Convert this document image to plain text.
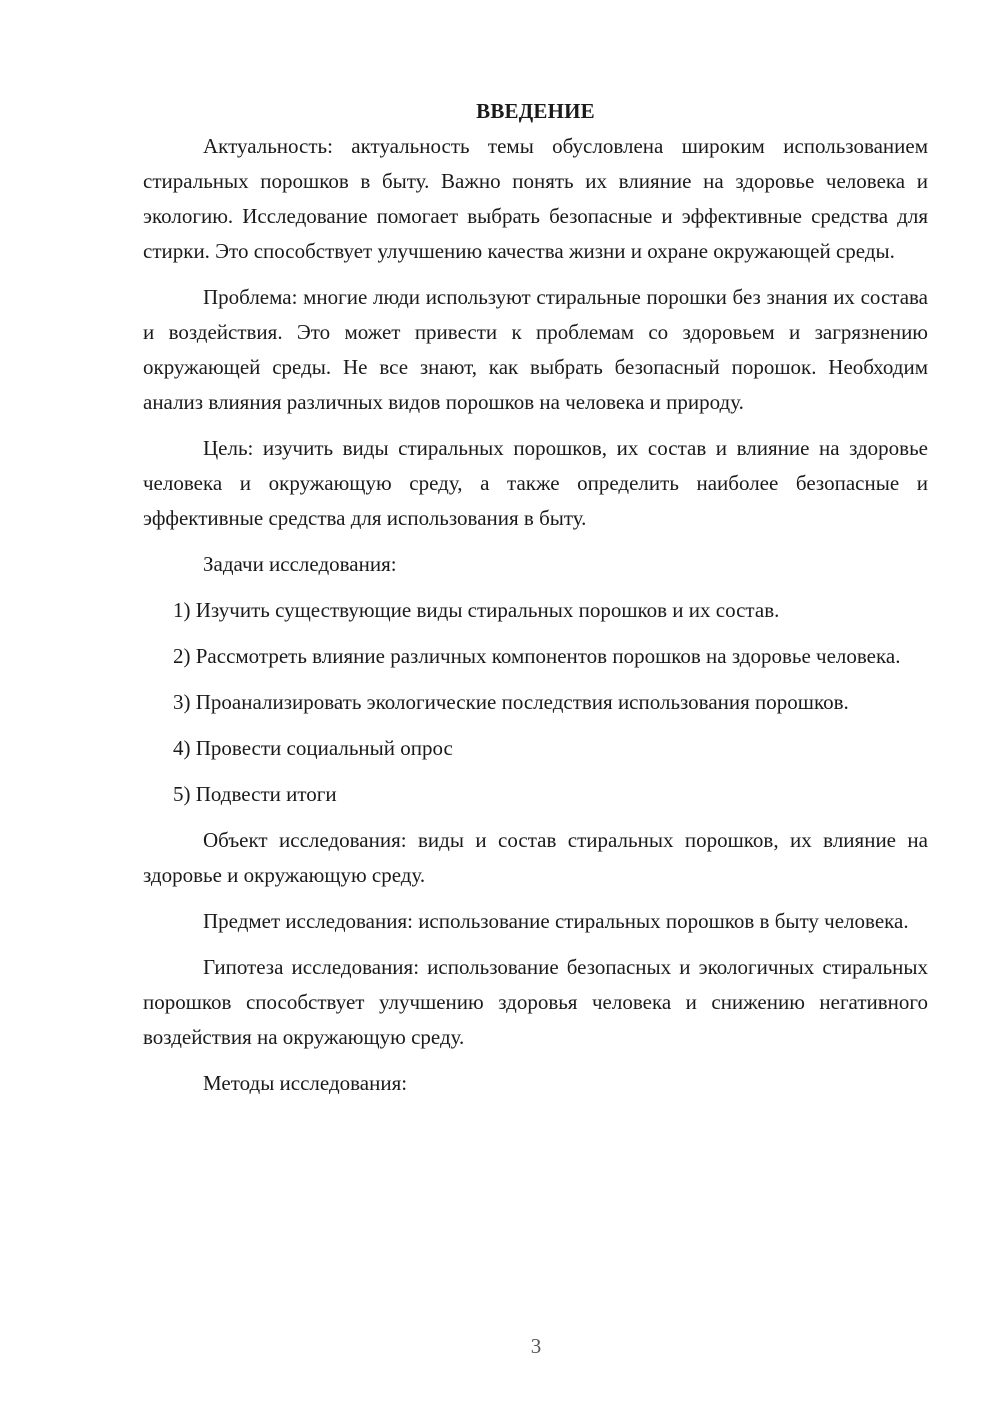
ВВЕДЕНИЕ

Актуальность: актуальность темы обусловлена широким использованием стиральных порошков в быту. Важно понять их влияние на здоровье человека и экологию. Исследование помогает выбрать безопасные и эффективные средства для стирки. Это способствует улучшению качества жизни и охране окружающей среды.

Проблема: многие люди используют стиральные порошки без знания их состава и воздействия. Это может привести к проблемам со здоровьем и загрязнению окружающей среды. Не все знают, как выбрать безопасный порошок. Необходим анализ влияния различных видов порошков на человека и природу.

Цель: изучить виды стиральных порошков, их состав и влияние на здоровье человека и окружающую среду, а также определить наиболее безопасные и эффективные средства для использования в быту.

Задачи исследования:

1) Изучить существующие виды стиральных порошков и их состав.

2) Рассмотреть влияние различных компонентов порошков на здоровье человека.

3) Проанализировать экологические последствия использования порошков.

4) Провести социальный опрос

5) Подвести итоги

Объект исследования: виды и состав стиральных порошков, их влияние на здоровье и окружающую среду.

Предмет исследования: использование стиральных порошков в быту человека.

Гипотеза исследования: использование безопасных и экологичных стиральных порошков способствует улучшению здоровья человека и снижению негативного воздействия на окружающую среду.

Методы исследования:

3
